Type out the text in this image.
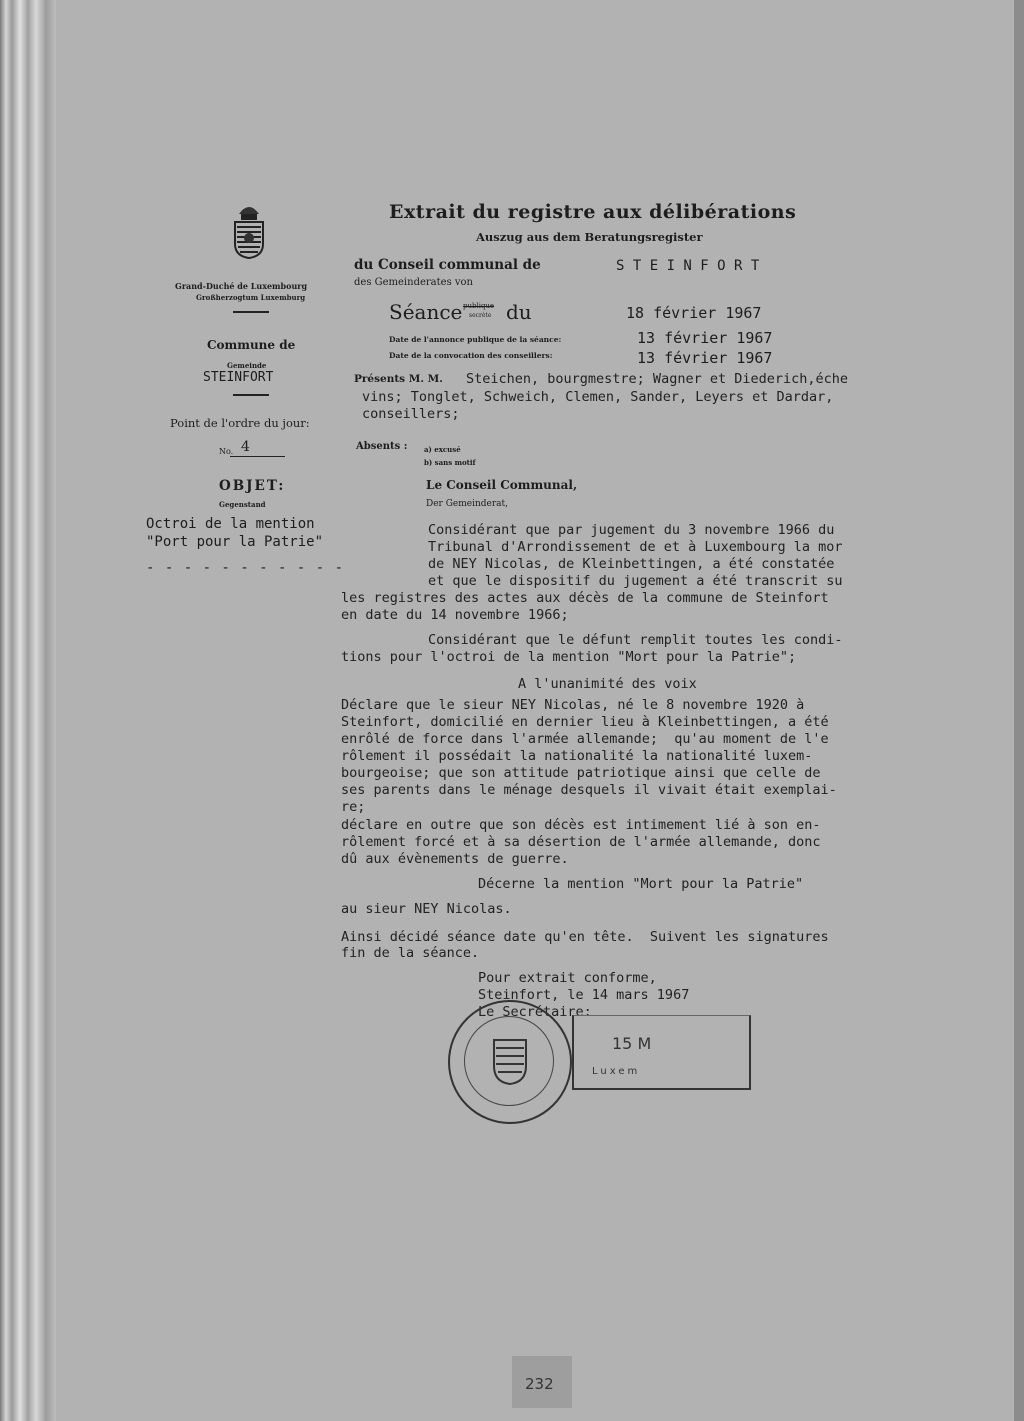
Grand-Duché de Luxembourg
Großherzogtum Luxemburg
Commune de
Gemeinde
STEINFORT
Point de l'ordre du jour:
No. 4
OBJET:
Gegenstand
Octroi de la mention
"Port pour la Patrie"
- - - - - - - - - - -
Extrait du registre aux délibérations
Auszug aus dem Beratungsregister
du Conseil communal de
des Gemeinderates von
S T E I N F O R T
Séance publique
secrète du	18 février 1967
Date de l'annonce publique de la séance:	13 février 1967
Date de la convocation des conseillers:	13 février 1967
Présents M. M. Steichen, bourgmestre; Wagner et Diederich,éche
vins; Tonglet, Schweich, Clemen, Sander, Leyers et Dardar,
conseillers;
Absents : a) excusé
b) sans motif
Le Conseil Communal,
Der Gemeinderat,
Considérant que par jugement du 3 novembre 1966 du
Tribunal d'Arrondissement de et à Luxembourg la mor
de NEY Nicolas, de Kleinbettingen, a été constatée
et que le dispositif du jugement a été transcrit su
les registres des actes aux décès de la commune de Steinfort
en date du 14 novembre 1966;
Considérant que le défunt remplit toutes les condi-
tions pour l'octroi de la mention "Mort pour la Patrie";
A l'unanimité des voix
Déclare que le sieur NEY Nicolas, né le 8 novembre 1920 à
Steinfort, domicilié en dernier lieu à Kleinbettingen, a été
enrôlé de force dans l'armée allemande;  qu'au moment de l'e
rôlement il possédait la nationalité la nationalité luxem-
bourgeoise; que son attitude patriotique ainsi que celle de
ses parents dans le ménage desquels il vivait était exemplai-
re;
déclare en outre que son décès est intimement lié à son en-
rôlement forcé et à sa désertion de l'armée allemande, donc
dû aux évènements de guerre.
Décerne la mention "Mort pour la Patrie"
au sieur NEY Nicolas.
Ainsi décidé séance date qu'en tête.  Suivent les signatures
fin de la séance.
Pour extrait conforme,
Steinfort, le 14 mars 1967
Le Secrétaire:
15 M
Luxem
232
